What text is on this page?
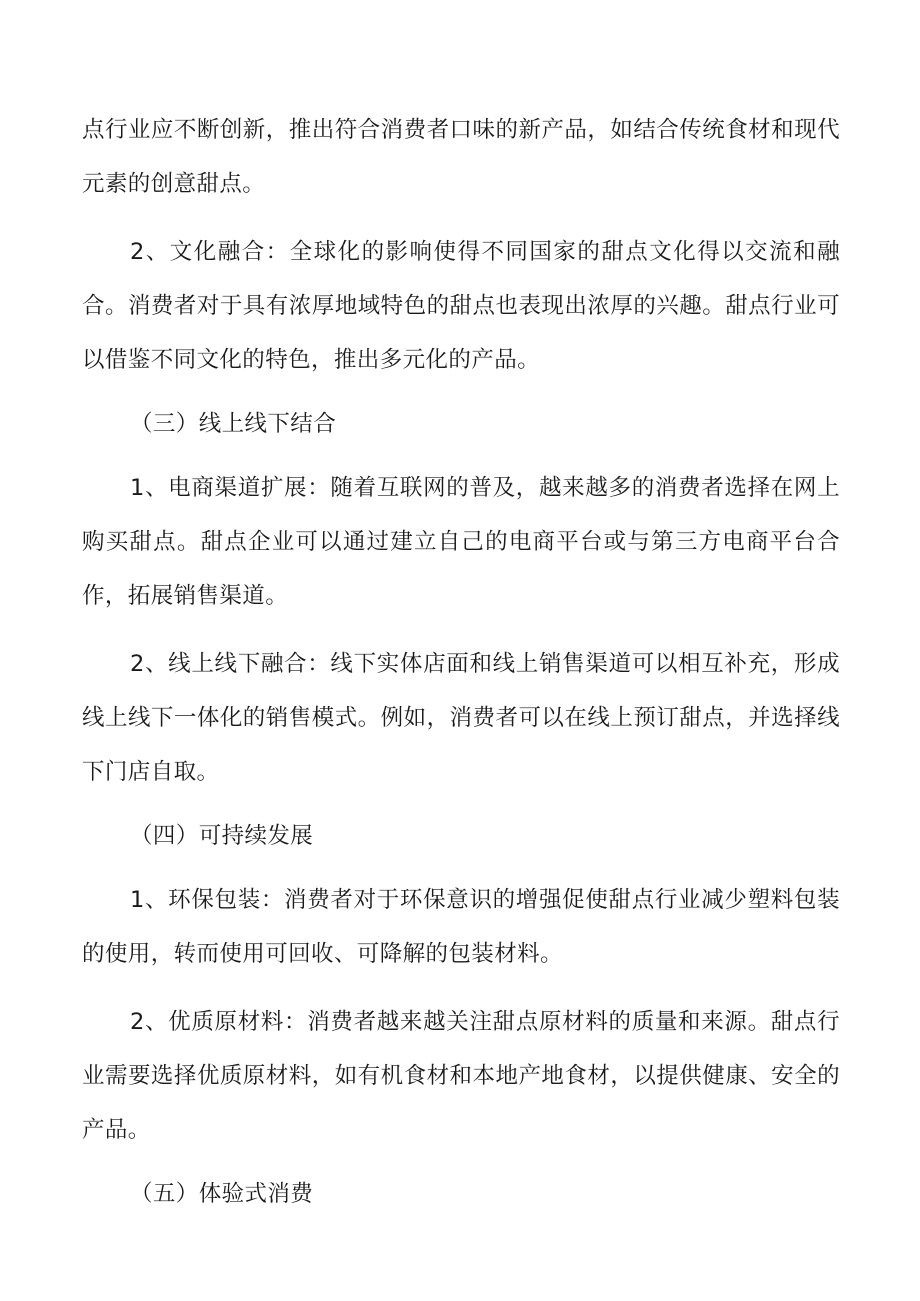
点行业应不断创新，推出符合消费者口味的新产品，如结合传统食材和现代元素的创意甜点。

2、文化融合：全球化的影响使得不同国家的甜点文化得以交流和融合。消费者对于具有浓厚地域特色的甜点也表现出浓厚的兴趣。甜点行业可以借鉴不同文化的特色，推出多元化的产品。

（三）线上线下结合

1、电商渠道扩展：随着互联网的普及，越来越多的消费者选择在网上购买甜点。甜点企业可以通过建立自己的电商平台或与第三方电商平台合作，拓展销售渠道。

2、线上线下融合：线下实体店面和线上销售渠道可以相互补充，形成线上线下一体化的销售模式。例如，消费者可以在线上预订甜点，并选择线下门店自取。

（四）可持续发展

1、环保包装：消费者对于环保意识的增强促使甜点行业减少塑料包装的使用，转而使用可回收、可降解的包装材料。

2、优质原材料：消费者越来越关注甜点原材料的质量和来源。甜点行业需要选择优质原材料，如有机食材和本地产地食材，以提供健康、安全的产品。

（五）体验式消费
